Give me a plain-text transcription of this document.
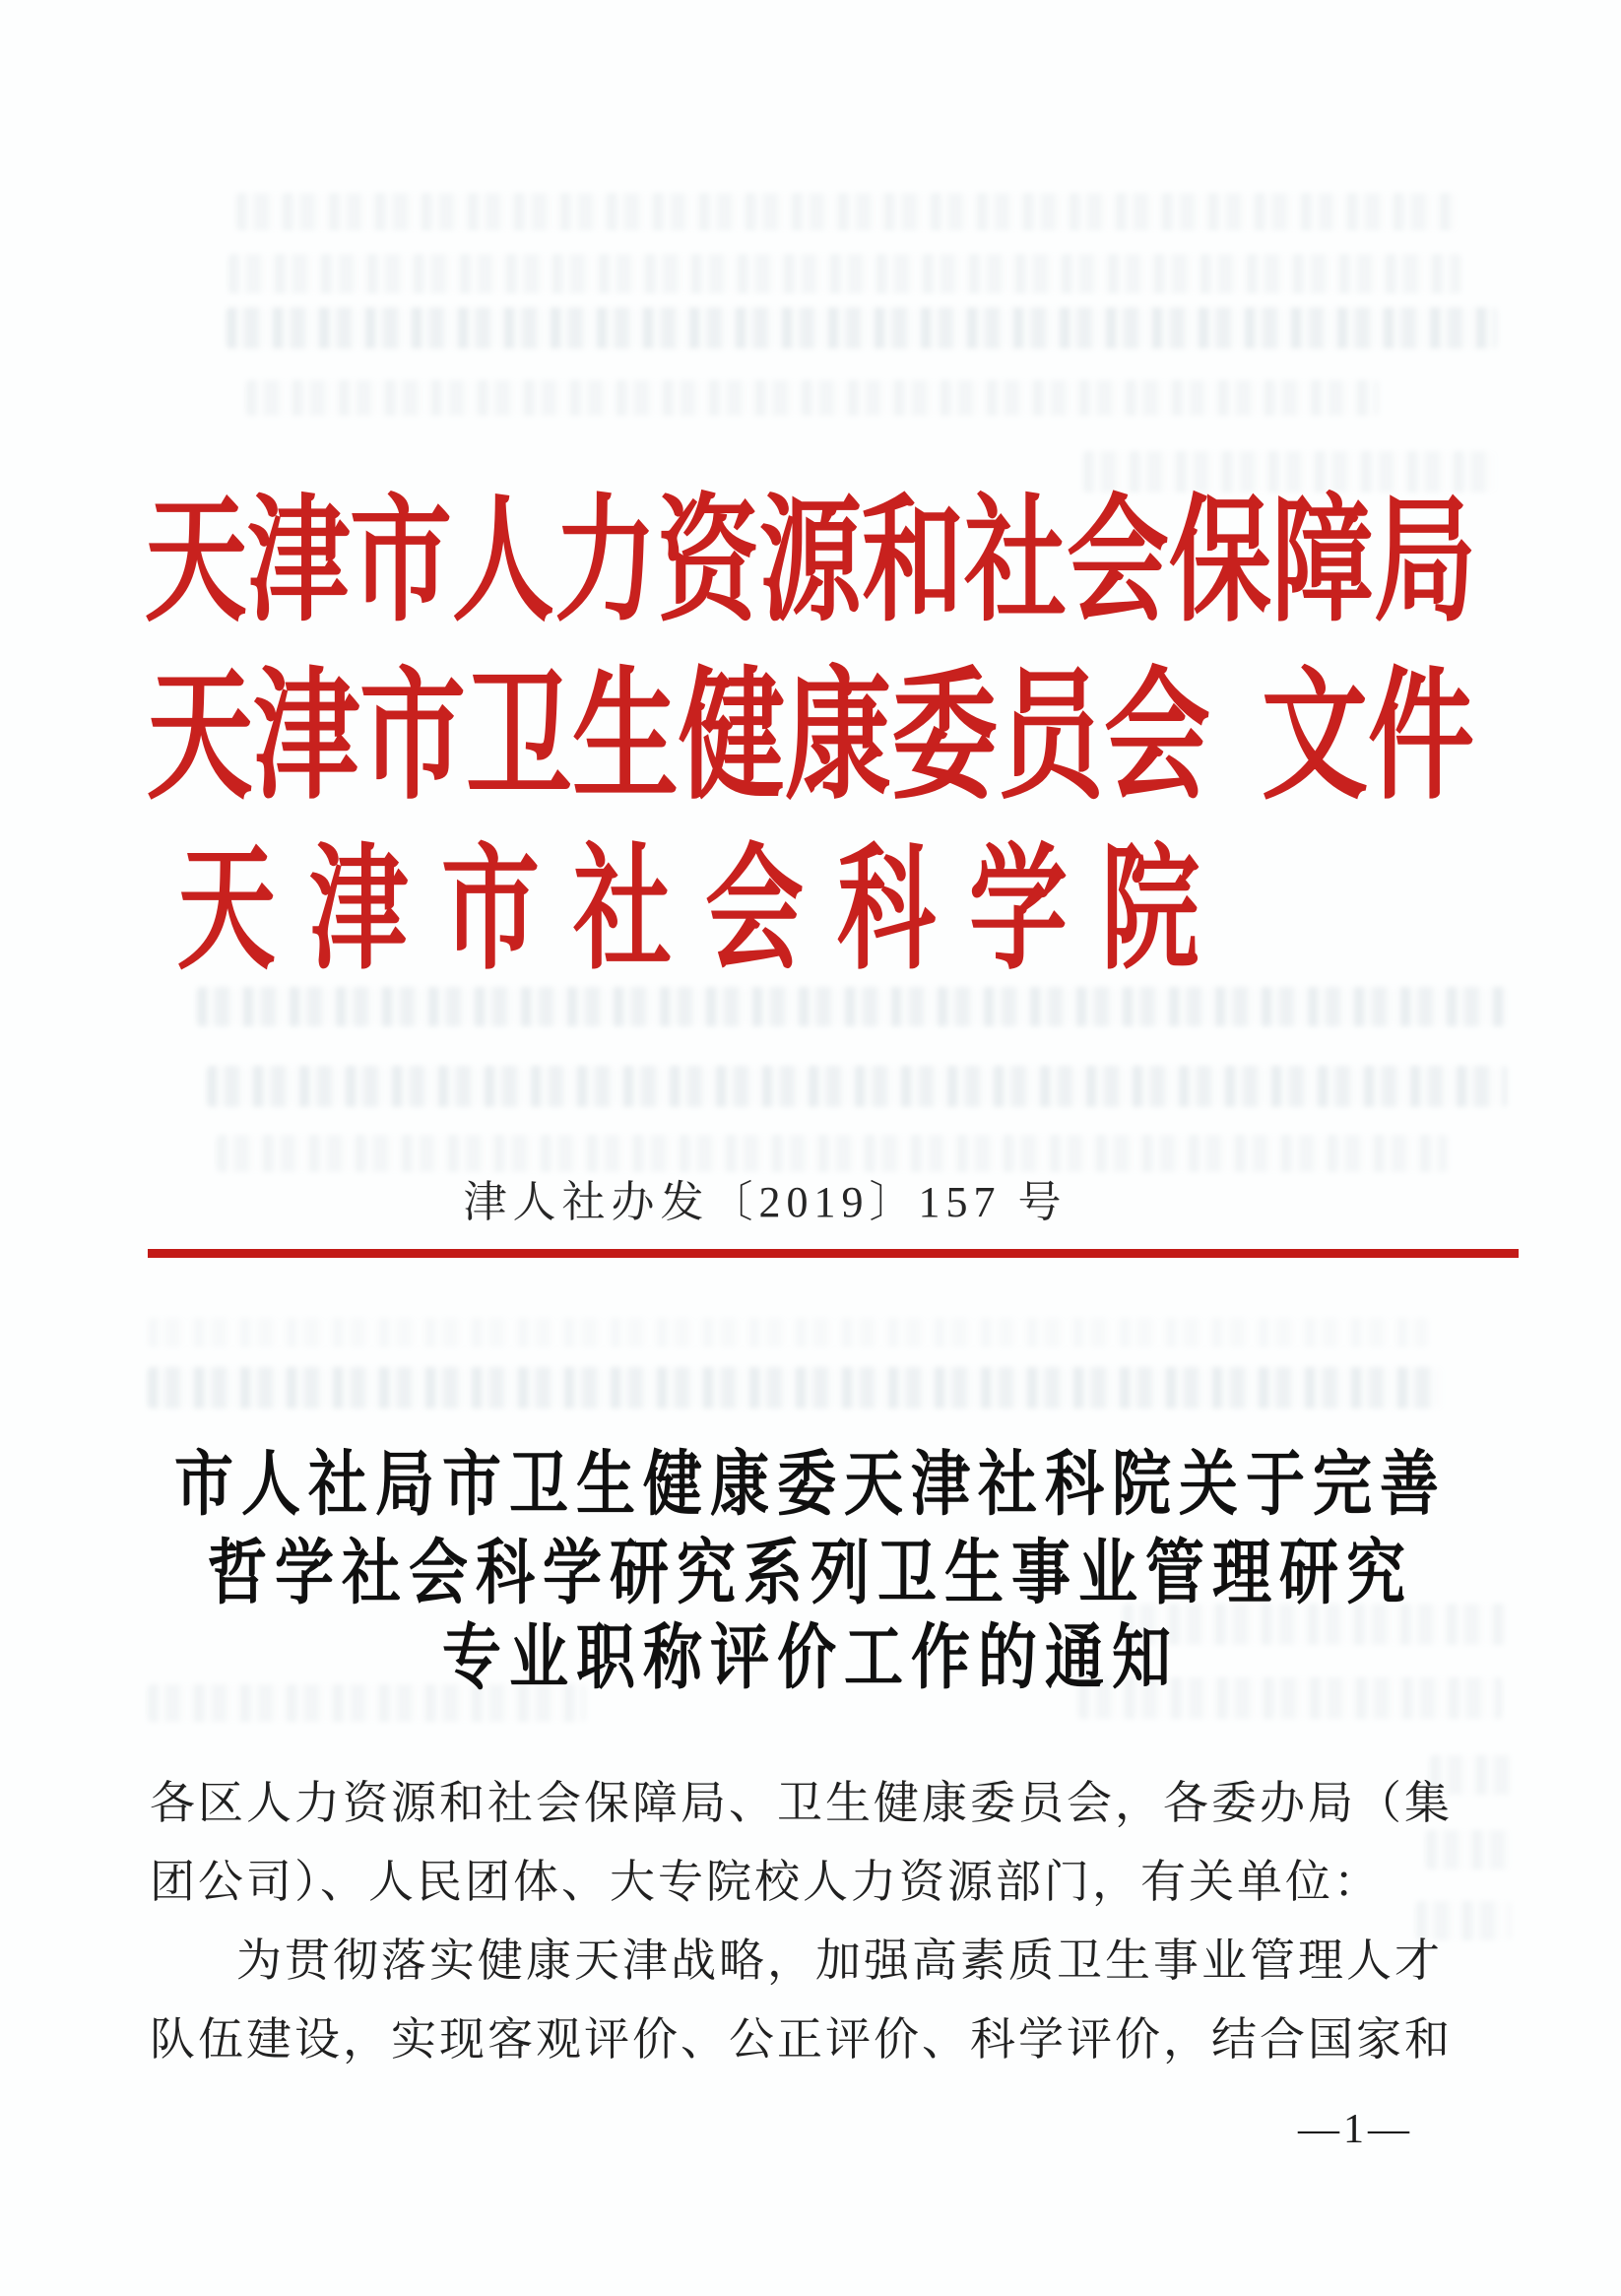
天津市人力资源和社会保障局
天津市卫生健康委员会 文件
天津市社会科学院
津人社办发〔2019〕157 号
市人社局市卫生健康委天津社科院关于完善
哲学社会科学研究系列卫生事业管理研究
专业职称评价工作的通知
各区人力资源和社会保障局、卫生健康委员会，各委办局（集
团公司）、人民团体、大专院校人力资源部门，有关单位：
为贯彻落实健康天津战略，加强高素质卫生事业管理人才
队伍建设，实现客观评价、公正评价、科学评价，结合国家和
—1—
